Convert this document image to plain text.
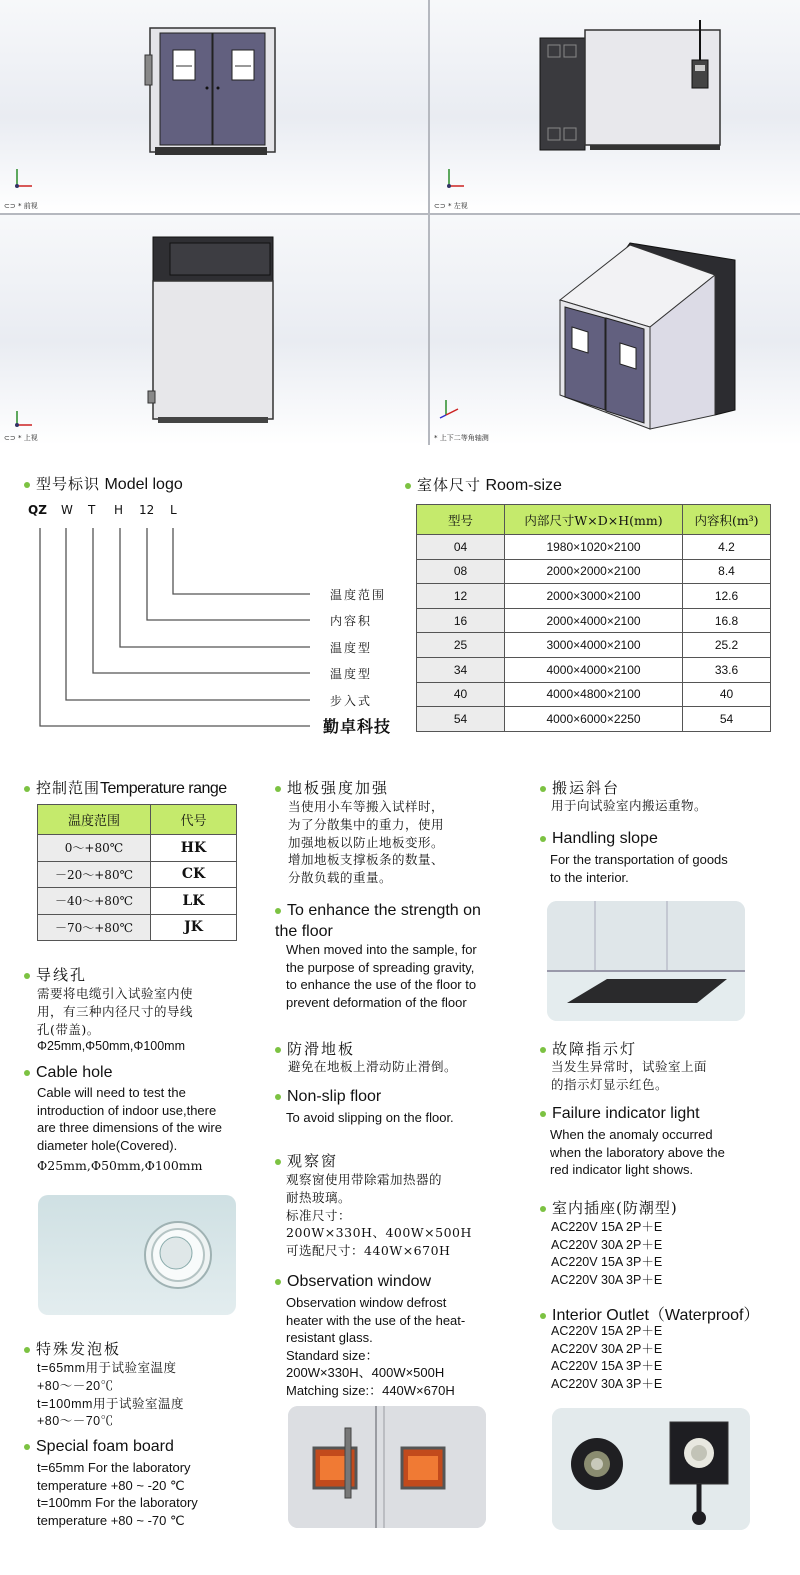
⊂⊃ * 前视	⊂⊃ * 左视
⊂⊃ * 上视	* 上下二等角轴测
型号标识 Model logo
QZ W T H 12 L
温度范围
内容积
温度型
温度型
步入式
勤卓科技
室体尺寸 Room-size
型号	内部尺寸W×D×H(mm)	内容积(m³)
04	1980×1020×2100	4.2
08	2000×2000×2100	8.4
12	2000×3000×2100	12.6
16	2000×4000×2100	16.8
25	3000×4000×2100	25.2
34	4000×4000×2100	33.6
40	4000×4800×2100	40
54	4000×6000×2250	54
控制范围Temperature range
温度范围	代号
0～+80℃	HK
－20～+80℃	CK
－40～+80℃	LK
－70～+80℃	JK
导线孔
需要将电缆引入试验室内使
用，有三种内径尺寸的导线
孔(带盖)。
Φ25mm,Φ50mm,Φ100mm
Cable hole
Cable will need to test the
introduction of indoor use,there
are three dimensions of the wire
diameter hole(Covered).
Φ25mm,Φ50mm,Φ100mm
特殊发泡板
t=65mm用于试验室温度
+80～－20℃
t=100mm用于试验室温度
+80～－70℃
Special foam board
t=65mm For the laboratory
temperature +80 ~ -20 ℃
t=100mm For the laboratory
temperature +80 ~ -70 ℃
地板强度加强
当使用小车等搬入试样时，
为了分散集中的重力，使用
加强地板以防止地板变形。
增加地板支撑板条的数量、
分散负载的重量。
To enhance the strength on
the floor
When moved into the sample, for
the purpose of spreading gravity,
to enhance the use of the floor to
prevent deformation of the floor
防滑地板
避免在地板上滑动防止滑倒。
Non-slip floor
To avoid slipping on the floor.
观察窗
观察窗使用带除霜加热器的
耐热玻璃。
标准尺寸：
200W×330H、400W×500H
可选配尺寸：440W×670H
Observation window
Observation window defrost
heater with the use of the heat-
resistant glass.
Standard size：
200W×330H、400W×500H
Matching size:：440W×670H
搬运斜台
用于向试验室内搬运重物。
Handling slope
For the transportation of goods
to the interior.
故障指示灯
当发生异常时，试验室上面
的指示灯显示红色。
Failure indicator light
When the anomaly occurred
when the laboratory above the
red indicator light shows.
室内插座(防潮型)
AC220V 15A 2P＋E
AC220V 30A 2P＋E
AC220V 15A 3P＋E
AC220V 30A 3P＋E
Interior Outlet（Waterproof）
AC220V 15A 2P＋E
AC220V 30A 2P＋E
AC220V 15A 3P＋E
AC220V 30A 3P＋E
